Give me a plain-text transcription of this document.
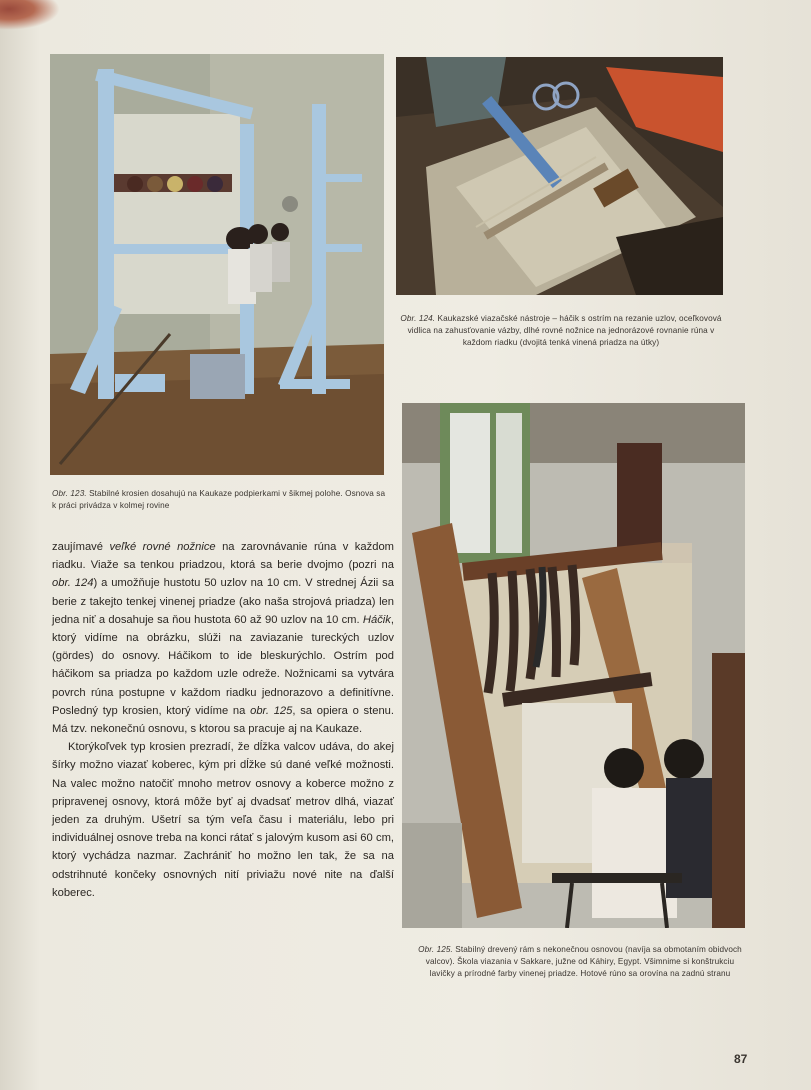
Obr. 123. Stabilné krosien dosahujú na Kaukaze podpierkami v šikmej polohe. Osnova sa k práci privádza v kolmej rovine
Obr. 124. Kaukazské viazačské nástroje – háčik s ostrím na rezanie uzlov, oceľkovová vidlica na zahusťovanie vázby, dlhé rovné nožnice na jednorázové rovnanie rúna v každom riadku (dvojitá tenká vinená priadza na útky)
Obr. 125. Stabilný drevený rám s nekonečnou osnovou (navíja sa obmotaním obidvoch valcov). Škola viazania v Sakkare, južne od Káhiry, Egypt. Všimnime si konštrukciu lavičky a prírodné farby vinenej priadze. Hotové rúno sa orovína na zadnú stranu

zaujímavé veľké rovné nožnice na zarovnávanie rúna v každom riadku. Viaže sa tenkou priadzou, ktorá sa berie dvojmo (pozri na obr. 124) a umožňuje hustotu 50 uzlov na 10 cm. V strednej Ázii sa berie z takejto tenkej vinenej priadze (ako naša strojová priadza) len jedna niť a dosahuje sa ňou hustota 60 až 90 uzlov na 10 cm. Háčik, ktorý vidíme na obrázku, slúži na zaviazanie tureckých uzlov (gördes) do osnovy. Háčikom to ide bleskurýchlo. Ostrím pod háčikom sa priadza po každom uzle odreže. Nožnicami sa vytvára povrch rúna postupne v každom riadku jednorazovo a definitívne. Posledný typ krosien, ktorý vidíme na obr. 125, sa opiera o stenu. Má tzv. nekonečnú osnovu, s ktorou sa pracuje aj na Kaukaze.

Ktorýkoľvek typ krosien prezradí, že dĺžka valcov udáva, do akej šírky možno viazať koberec, kým pri dĺžke sú dané veľké možnosti. Na valec možno natočiť mnoho metrov osnovy a koberce možno z pripravenej osnovy, ktorá môže byť aj dvadsať metrov dlhá, viazať jeden za druhým. Ušetrí sa tým veľa času i materiálu, lebo pri individuálnej osnove treba na konci rátať s jalovým kusom asi 60 cm, ktorý vychádza nazmar. Zachrániť ho možno len tak, že sa na odstrihnuté končeky osnovných nití priviažu nové nite na ďalší koberec.

87
